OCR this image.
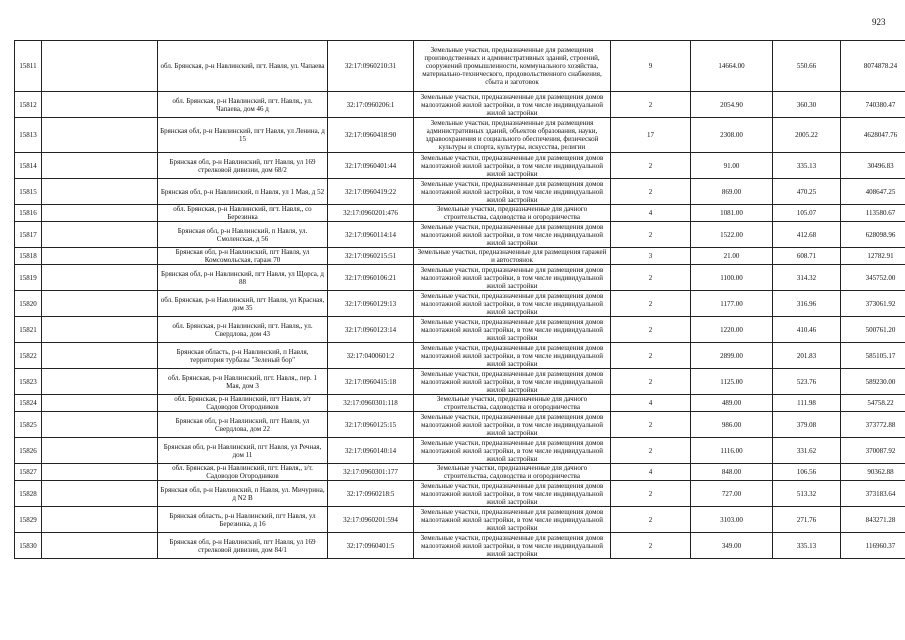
923
15811		обл. Брянская, р-н Навлинский, пгт. Навля, ул. Чапаева	32:17:0960210:31	Земельные участки, предназначенные для размещения производственных и административных зданий, строений, сооружений промышленности, коммунального хозяйства, материально-технического, продовольственного снабжения, сбыта и заготовок	9	14664.00	550.66	8074878.24
15812		обл. Брянская, р-н Навлинский, пгт. Навля,, ул. Чапаева, дом 46 д	32:17:0960206:1	Земельные участки, предназначенные для размещения домов малоэтажной жилой застройки, в том числе индивидуальной жилой застройки	2	2054.90	360.30	740380.47
15813		Брянская обл, р-н Навлинский, пгт Навля, ул Ленина, д 15	32:17:0960418:90	Земельные участки, предназначенные для размещения административных зданий, объектов образования, науки, здравоохранения и социального обеспечения, физической культуры и спорта, культуры, искусства, религии	17	2308.00	2005.22	4628047.76
15814		Брянская обл, р-н Навлинский, пгт Навля, ул 169 стрелковой дивизии, дом 68/2	32:17:0960401:44	Земельные участки, предназначенные для размещения домов малоэтажной жилой застройки, в том числе индивидуальной жилой застройки	2	91.00	335.13	30496.83
15815		Брянская обл, р-н Навлинский, п Навля, ул 1 Мая, д 52	32:17:0960419:22	Земельные участки, предназначенные для размещения домов малоэтажной жилой застройки, в том числе индивидуальной жилой застройки	2	869.00	470.25	408647.25
15816		обл. Брянская, р-н Навлинский, пгт. Навля,, со Березинка	32:17:0960201:476	Земельные участки, предназначенные для дачного строительства, садоводства и огородничества	4	1081.00	105.07	113580.67
15817		Брянская обл, р-н Навлинский, п Навля, ул. Смоленская, д 56	32:17:0960114:14	Земельные участки, предназначенные для размещения домов малоэтажной жилой застройки, в том числе индивидуальной жилой застройки	2	1522.00	412.68	628098.96
15818		Брянская обл, р-н Навлинский, пгт Навля, ул Комсомольская, гараж 70	32:17:0960215:51	Земельные участки, предназначенные для размещения гаражей и автостоянок	3	21.00	608.71	12782.91
15819		Брянская обл, р-н Навлинский, пгт Навля, ул Щорса, д 88	32:17:0960106:21	Земельные участки, предназначенные для размещения домов малоэтажной жилой застройки, в том числе индивидуальной жилой застройки	2	1100.00	314.32	345752.00
15820		обл. Брянская, р-н Навлинский, пгт Навля, ул Красная, дом 35	32:17:0960129:13	Земельные участки, предназначенные для размещения домов малоэтажной жилой застройки, в том числе индивидуальной жилой застройки	2	1177.00	316.96	373061.92
15821		обл. Брянская, р-н Навлинский, пгт. Навля,, ул. Свердлова, дом 43	32:17:0960123:14	Земельные участки, предназначенные для размещения домов малоэтажной жилой застройки, в том числе индивидуальной жилой застройки	2	1220.00	410.46	500761.20
15822		Брянская область, р-н Навлинский, п Навля, территория турбазы "Зеленый бор"	32:17:0400601:2	Земельные участки, предназначенные для размещения домов малоэтажной жилой застройки, в том числе индивидуальной жилой застройки	2	2899.00	201.83	585105.17
15823		обл. Брянская, р-н Навлинский, пгт. Навля,, пер. 1 Мая, дом 3	32:17:0960415:18	Земельные участки, предназначенные для размещения домов малоэтажной жилой застройки, в том числе индивидуальной жилой застройки	2	1125.00	523.76	589230.00
15824		обл. Брянская, р-н Навлинский, пгт Навля, з/т Садоводов Огородников	32:17:0960301:118	Земельные участки, предназначенные для дачного строительства, садоводства и огородничества	4	489.00	111.98	54758.22
15825		Брянская обл, р-н Навлинский, пгт Навля, ул Свердлова, дом 22	32:17:0960125:15	Земельные участки, предназначенные для размещения домов малоэтажной жилой застройки, в том числе индивидуальной жилой застройки	2	986.00	379.08	373772.88
15826		Брянская обл, р-н Навлинский, пгт Навля, ул Речная, дом 11	32:17:0960140:14	Земельные участки, предназначенные для размещения домов малоэтажной жилой застройки, в том числе индивидуальной жилой застройки	2	1116.00	331.62	370087.92
15827		обл. Брянская, р-н Навлинский, пгт. Навля,, з/т. Садоводов Огородников	32:17:0960301:177	Земельные участки, предназначенные для дачного строительства, садоводства и огородничества	4	848.00	106.56	90362.88
15828		Брянская обл, р-н Навлинский, п Навля, ул. Мичурина, д N2 В	32:17:0960218:5	Земельные участки, предназначенные для размещения домов малоэтажной жилой застройки, в том числе индивидуальной жилой застройки	2	727.00	513.32	373183.64
15829		Брянская область, р-н Навлинский, пгт Навля, ул Березинка, д 16	32:17:0960201:594	Земельные участки, предназначенные для размещения домов малоэтажной жилой застройки, в том числе индивидуальной жилой застройки	2	3103.00	271.76	843271.28
15830		Брянская обл, р-н Навлинский, пгт Навля, ул 169 стрелковой дивизии, дом 84/1	32:17:0960401:5	Земельные участки, предназначенные для размещения домов малоэтажной жилой застройки, в том числе индивидуальной жилой застройки	2	349.00	335.13	116960.37
